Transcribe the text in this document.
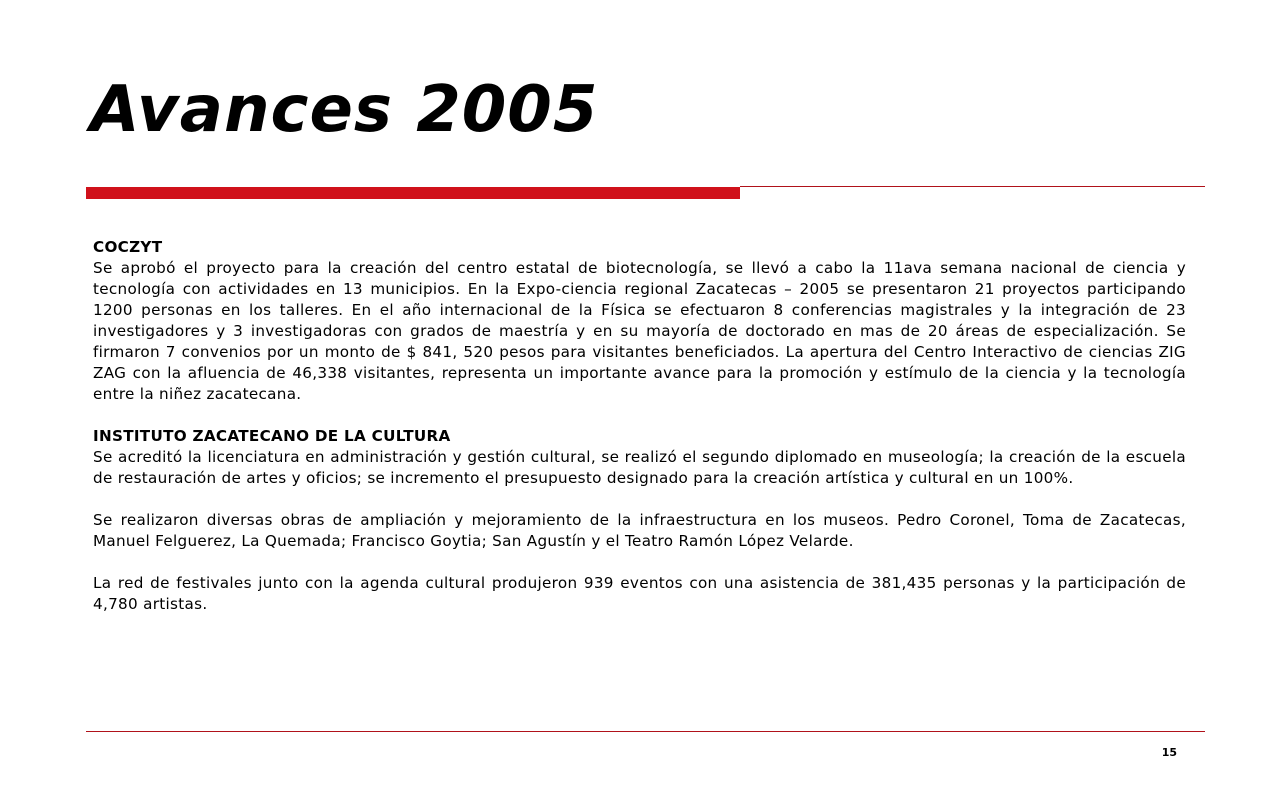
Avances 2005

COCZYT

Se aprobó el proyecto para la creación del centro estatal de biotecnología, se llevó a cabo la 11ava semana nacional de ciencia y tecnología con actividades en 13 municipios. En la Expo-ciencia regional Zacatecas – 2005 se presentaron 21 proyectos participando 1200 personas en los talleres. En el año internacional de la Física se efectuaron 8 conferencias magistrales y la integración de 23 investigadores y 3 investigadoras con grados de maestría y en su mayoría de doctorado en mas de 20 áreas de especialización. Se firmaron 7 convenios por un monto de $ 841, 520 pesos para visitantes beneficiados. La apertura del Centro Interactivo de ciencias ZIG ZAG con la afluencia de 46,338 visitantes, representa un importante avance para la promoción y estímulo de la ciencia y la tecnología entre la niñez zacatecana.

INSTITUTO ZACATECANO DE LA CULTURA

Se acreditó la licenciatura en administración y gestión cultural, se realizó el segundo diplomado en museología; la creación de la escuela de restauración de artes y oficios; se incremento el presupuesto designado para la creación artística y cultural en un 100%.

Se realizaron diversas obras de ampliación y mejoramiento de la infraestructura en los museos. Pedro Coronel, Toma de Zacatecas, Manuel Felguerez, La Quemada; Francisco Goytia; San Agustín y el Teatro Ramón López Velarde.

La red de festivales junto con la agenda cultural produjeron 939 eventos con una asistencia de 381,435 personas y la participación de 4,780 artistas.

15
